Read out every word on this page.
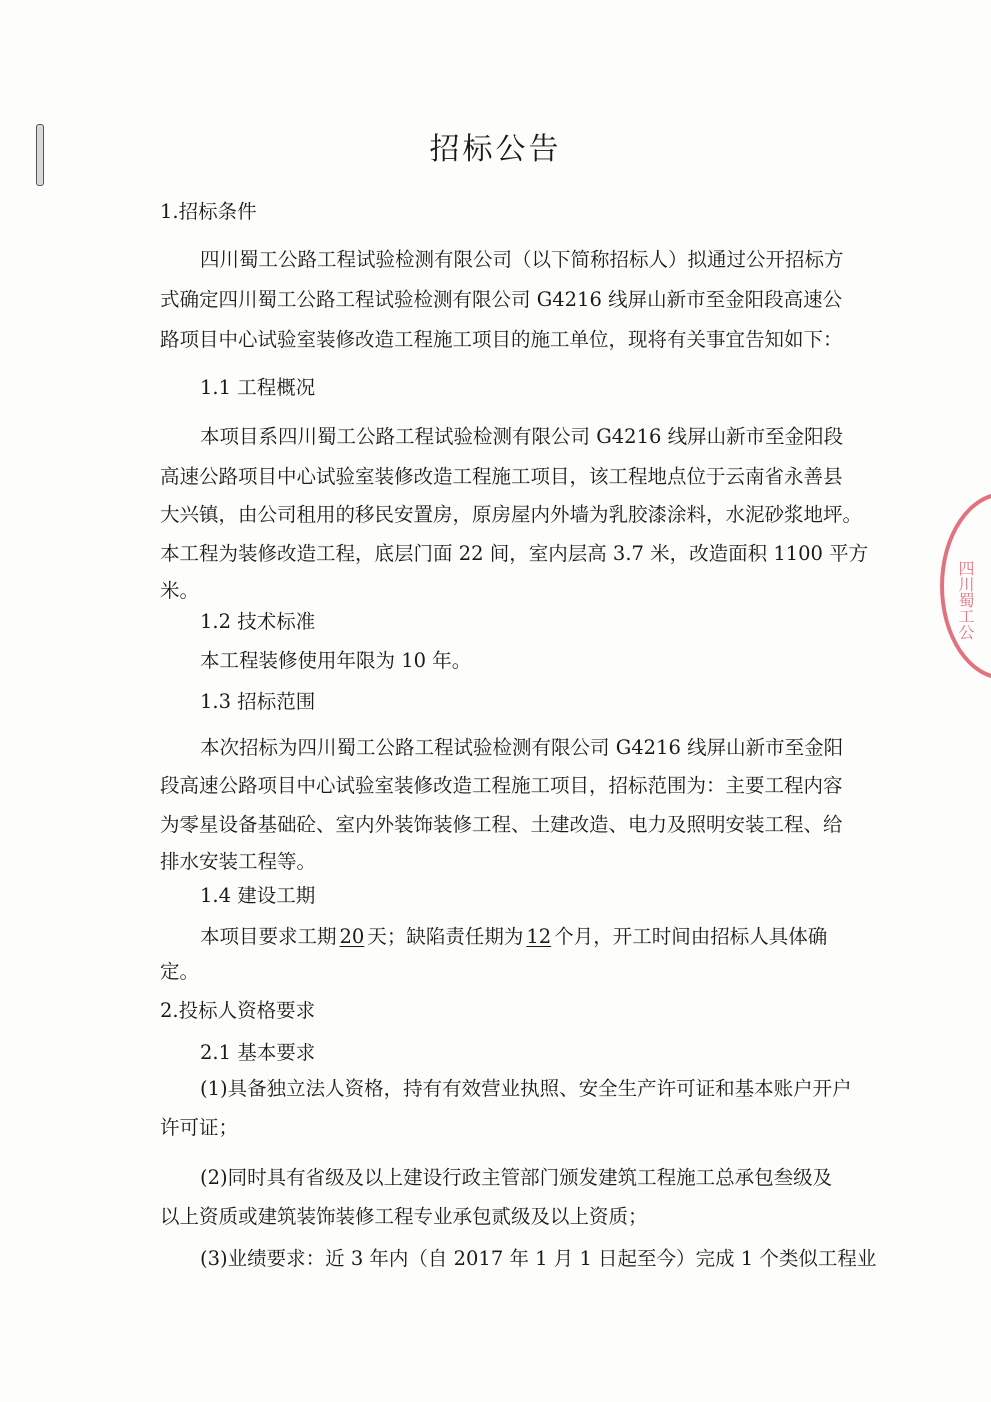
招标公告
1.招标条件
四川蜀工公路工程试验检测有限公司（以下简称招标人）拟通过公开招标方
式确定四川蜀工公路工程试验检测有限公司 G4216 线屏山新市至金阳段高速公
路项目中心试验室装修改造工程施工项目的施工单位，现将有关事宜告知如下：
1.1 工程概况
本项目系四川蜀工公路工程试验检测有限公司 G4216 线屏山新市至金阳段
高速公路项目中心试验室装修改造工程施工项目，该工程地点位于云南省永善县
大兴镇，由公司租用的移民安置房，原房屋内外墙为乳胶漆涂料，水泥砂浆地坪。
本工程为装修改造工程，底层门面 22 间，室内层高 3.7 米，改造面积 1100 平方
米。
1.2 技术标准
本工程装修使用年限为 10 年。
1.3 招标范围
本次招标为四川蜀工公路工程试验检测有限公司 G4216 线屏山新市至金阳
段高速公路项目中心试验室装修改造工程施工项目，招标范围为：主要工程内容
为零星设备基础砼、室内外装饰装修工程、土建改造、电力及照明安装工程、给
排水安装工程等。
1.4 建设工期
本项目要求工期 20 天；缺陷责任期为 12 个月，开工时间由招标人具体确
定。
2.投标人资格要求
2.1 基本要求
(1)具备独立法人资格，持有有效营业执照、安全生产许可证和基本账户开户
许可证；
(2)同时具有省级及以上建设行政主管部门颁发建筑工程施工总承包叁级及
以上资质或建筑装饰装修工程专业承包贰级及以上资质；
(3)业绩要求：近 3 年内（自 2017 年 1 月 1 日起至今）完成 1 个类似工程业
四川蜀工公
